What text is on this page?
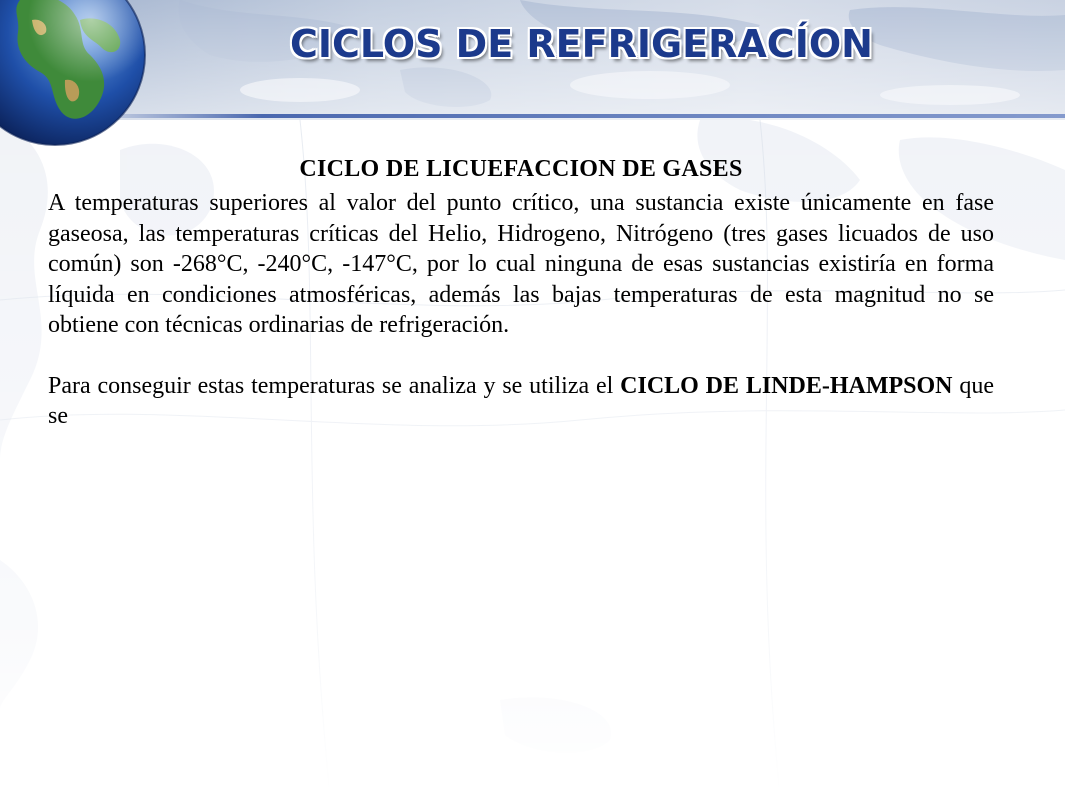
CICLOS DE REFRIGERACÍON
CICLO DE LICUEFACCION DE GASES

A temperaturas superiores al valor del punto crítico, una sustancia existe únicamente en fase gaseosa, las temperaturas críticas del Helio, Hidrogeno, Nitrógeno (tres gases licuados de uso común) son -268°C, -240°C, -147°C, por lo cual ninguna de esas sustancias existiría en forma líquida en condiciones atmosféricas, además las bajas temperaturas de esta magnitud no se obtiene con técnicas ordinarias de refrigeración.

Para conseguir estas temperaturas se analiza y se utiliza el CICLO DE LINDE-HAMPSON que se
